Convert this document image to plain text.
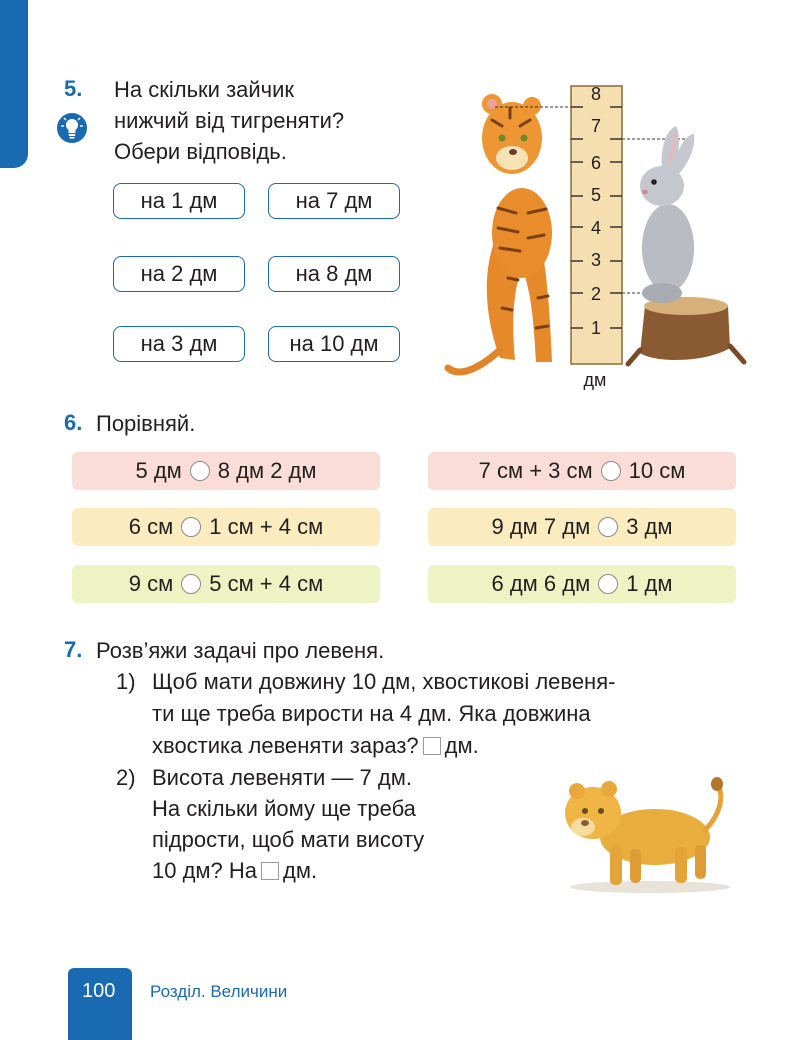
5. На скільки зайчик
нижчий від тигреняти?
Обери відповідь.
на 1 дм	на 7 дм
на 2 дм	на 8 дм
на 3 дм	на 10 дм
8
7
6
5
4
3
2
1
дм
6. Порівняй.
5 дм 8 дм 2 дм
6 см 1 см + 4 см
9 см 5 см + 4 см
7 см + 3 см 10 см
9 дм 7 дм 3 дм
6 дм 6 дм 1 дм
7. Розв’яжи задачі про левеня.
1) Щоб мати довжину 10 дм, хвостикові левеня-
ти ще треба вирости на 4 дм. Яка довжина
хвостика левеняти зараз? дм.
2) Висота левеняти — 7 дм.
На скільки йому ще треба
підрости, щоб мати висоту
10 дм? На дм.
100 Розділ. Величини
